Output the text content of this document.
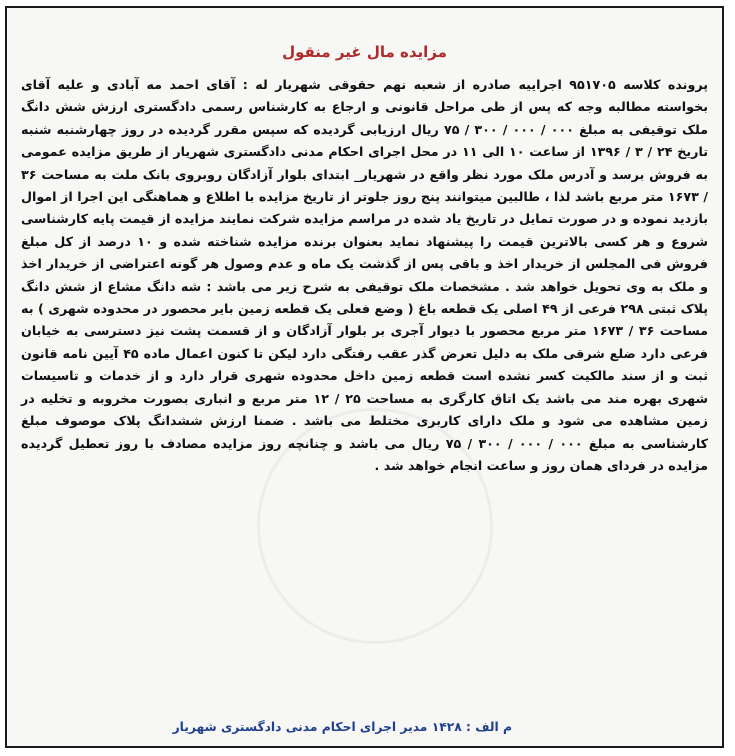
مزایده مال غیر منقول
پرونده کلاسه ۹۵۱۷۰۵ اجراییه صادره از شعبه نهم حقوقی شهریار له : آقای احمد مه آبادی و علیه آقای بخواسته مطالبه وجه که پس از طی مراحل قانونی و ارجاع به کارشناس رسمی دادگستری ارزش شش دانگ ملک توقیفی به مبلغ ۰۰۰ / ۰۰۰ / ۳۰۰ / ۷۵ ریال ارزیابی گردیده که سپس مقرر گردیده در روز چهارشنبه شنبه تاریخ ۲۴ / ۳ / ۱۳۹۶ از ساعت ۱۰ الی ۱۱ در محل اجرای احکام مدنی دادگستری شهریار از طریق مزایده عمومی به فروش برسد و آدرس ملک مورد نظر واقع در شهریار_ ابتدای بلوار آزادگان روبروی بانک ملت به مساحت ۳۶ / ۱۶۷۳ متر مربع باشد لذا ، طالبین میتوانند پنج روز جلوتر از تاریخ مزایده با اطلاع و هماهنگی این اجرا از اموال بازدید نموده و در صورت تمایل در تاریخ یاد شده در مراسم مزایده شرکت نمایند مزایده از قیمت پایه کارشناسی شروع و هر کسی بالاترین قیمت را پیشنهاد نماید بعنوان برنده مزایده شناخته شده و ۱۰ درصد از کل مبلغ فروش فی المجلس از خریدار اخذ و باقی پس از گذشت یک ماه و عدم وصول هر گونه اعتراضی از خریدار اخذ و ملک به وی تحویل خواهد شد . مشخصات ملک توقیفی به شرح زیر می باشد : شه دانگ مشاع از شش دانگ پلاک ثبتی ۲۹۸ فرعی از ۴۹ اصلی یک قطعه باغ ( وضع فعلی یک قطعه زمین بایر محصور در محدوده شهری ) به مساحت ۳۶ / ۱۶۷۳ متر مربع محصور با دیوار آجری بر بلوار آزادگان و از قسمت پشت نیز دسترسی به خیابان فرعی دارد ضلع شرقی ملک به دلیل تعرض گذر عقب رفتگی دارد لیکن تا کنون اعمال ماده ۴۵ آیین نامه قانون ثبت و از سند مالکیت کسر نشده است قطعه زمین داخل محدوده شهری قرار دارد و از خدمات و تاسیسات شهری بهره مند می باشد یک اتاق کارگری به مساحت ۲۵ / ۱۲ متر مربع و انباری بصورت مخروبه و تخلیه در زمین مشاهده می شود و ملک دارای کاربری مختلط می باشد . ضمنا ارزش ششدانگ پلاک موصوف مبلغ کارشناسی به مبلغ ۰۰۰ / ۰۰۰ / ۳۰۰ / ۷۵ ریال می باشد و چنانچه روز مزایده مصادف با روز تعطیل گردیده مزایده در فردای همان روز و ساعت انجام خواهد شد .
م الف : ۱۴۲۸ مدیر اجرای احکام مدنی دادگستری شهریار
